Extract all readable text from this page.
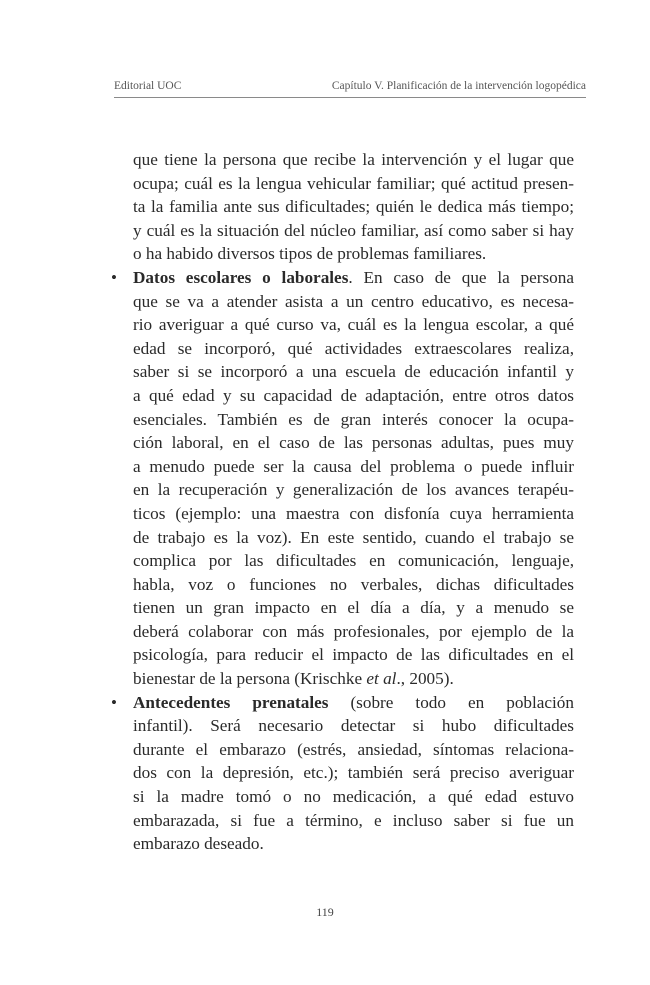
Editorial UOC	Capítulo V. Planificación de la intervención logopédica
que tiene la persona que recibe la intervención y el lugar que
ocupa; cuál es la lengua vehicular familiar; qué actitud presen-
ta la familia ante sus dificultades; quién le dedica más tiempo;
y cuál es la situación del núcleo familiar, así como saber si hay
o ha habido diversos tipos de problemas familiares.
• Datos escolares o laborales. En caso de que la persona
que se va a atender asista a un centro educativo, es necesa-
rio averiguar a qué curso va, cuál es la lengua escolar, a qué
edad se incorporó, qué actividades extraescolares realiza,
saber si se incorporó a una escuela de educación infantil y
a qué edad y su capacidad de adaptación, entre otros datos
esenciales. También es de gran interés conocer la ocupa-
ción laboral, en el caso de las personas adultas, pues muy
a menudo puede ser la causa del problema o puede influir
en la recuperación y generalización de los avances terapéu-
ticos (ejemplo: una maestra con disfonía cuya herramienta
de trabajo es la voz). En este sentido, cuando el trabajo se
complica por las dificultades en comunicación, lenguaje,
habla, voz o funciones no verbales, dichas dificultades
tienen un gran impacto en el día a día, y a menudo se
deberá colaborar con más profesionales, por ejemplo de la
psicología, para reducir el impacto de las dificultades en el
bienestar de la persona (Krischke et al., 2005).
• Antecedentes prenatales (sobre todo en población
infantil). Será necesario detectar si hubo dificultades
durante el embarazo (estrés, ansiedad, síntomas relaciona-
dos con la depresión, etc.); también será preciso averiguar
si la madre tomó o no medicación, a qué edad estuvo
embarazada, si fue a término, e incluso saber si fue un
embarazo deseado.
119
